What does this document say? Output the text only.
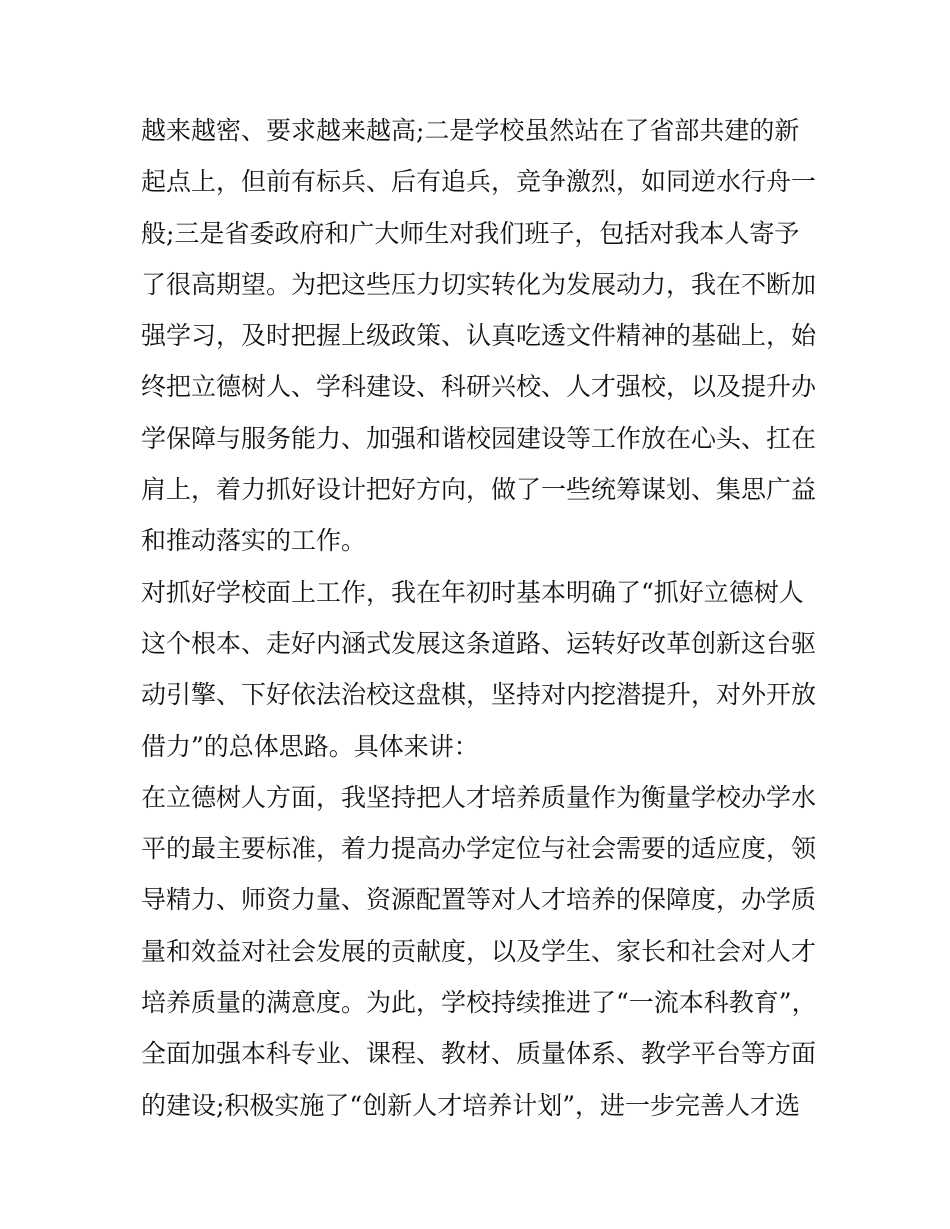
越来越密、要求越来越高;二是学校虽然站在了省部共建的新
起点上，但前有标兵、后有追兵，竞争激烈，如同逆水行舟一
般;三是省委政府和广大师生对我们班子，包括对我本人寄予
了很高期望。为把这些压力切实转化为发展动力，我在不断加
强学习，及时把握上级政策、认真吃透文件精神的基础上，始
终把立德树人、学科建设、科研兴校、人才强校，以及提升办
学保障与服务能力、加强和谐校园建设等工作放在心头、扛在
肩上，着力抓好设计把好方向，做了一些统筹谋划、集思广益
和推动落实的工作。
对抓好学校面上工作，我在年初时基本明确了“抓好立德树人
这个根本、走好内涵式发展这条道路、运转好改革创新这台驱
动引擎、下好依法治校这盘棋，坚持对内挖潜提升，对外开放
借力”的总体思路。具体来讲：
在立德树人方面，我坚持把人才培养质量作为衡量学校办学水
平的最主要标准，着力提高办学定位与社会需要的适应度，领
导精力、师资力量、资源配置等对人才培养的保障度，办学质
量和效益对社会发展的贡献度，以及学生、家长和社会对人才
培养质量的满意度。为此，学校持续推进了“一流本科教育”，
全面加强本科专业、课程、教材、质量体系、教学平台等方面
的建设;积极实施了“创新人才培养计划”，进一步完善人才选
